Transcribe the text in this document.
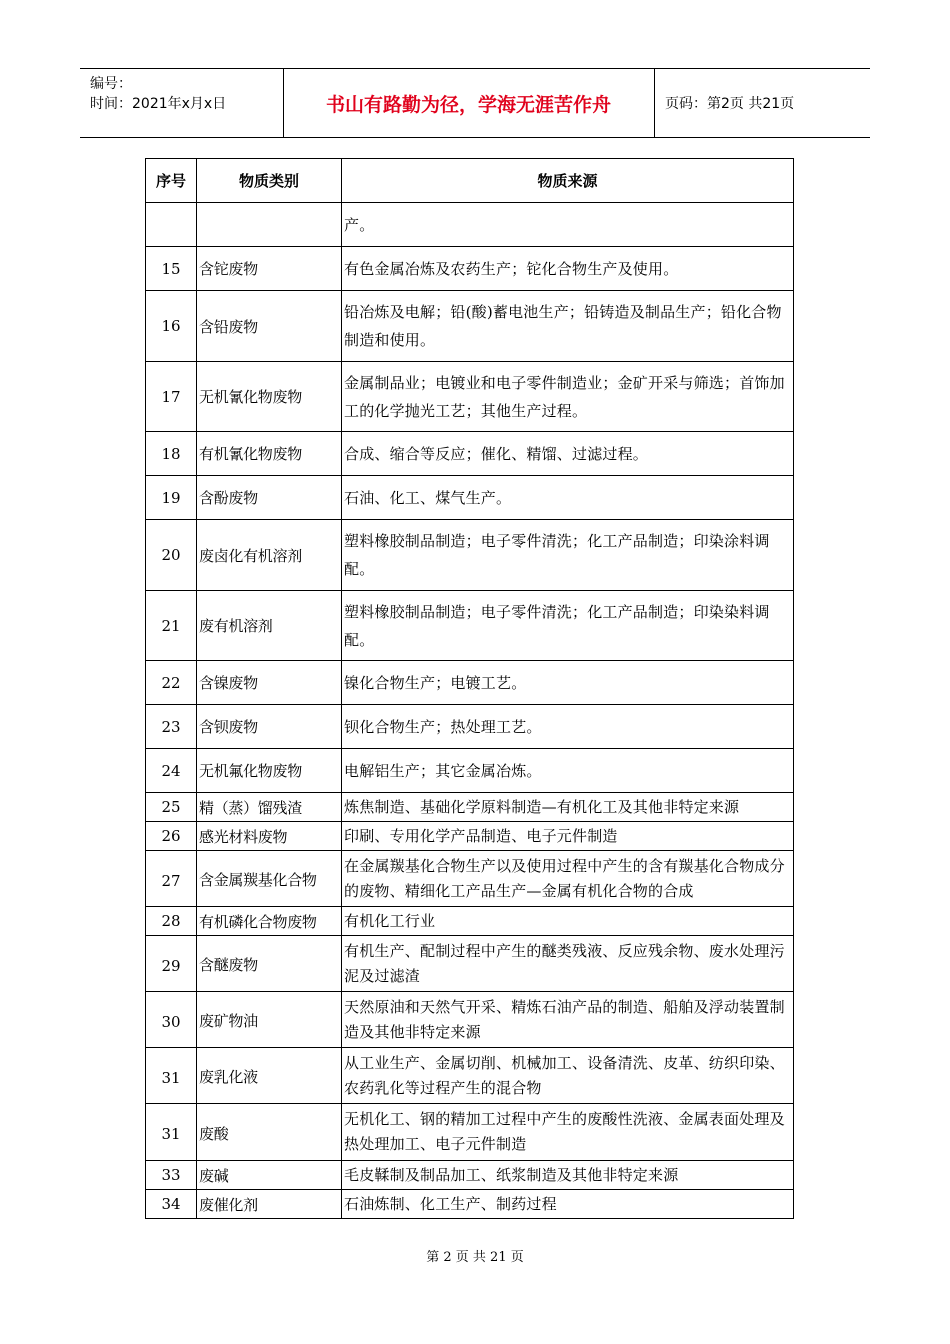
编号：
时间：2021年x月x日	书山有路勤为径，学海无涯苦作舟	页码：第2页 共21页
序号	物质类别	物质来源
		产。
15	含铊废物	有色金属冶炼及农药生产；铊化合物生产及使用。
16	含铅废物	铅冶炼及电解；铅(酸)蓄电池生产；铅铸造及制品生产；铅化合物制造和使用。
17	无机氰化物废物	金属制品业；电镀业和电子零件制造业；金矿开采与筛选；首饰加工的化学抛光工艺；其他生产过程。
18	有机氰化物废物	合成、缩合等反应；催化、精馏、过滤过程。
19	含酚废物	石油、化工、煤气生产。
20	废卤化有机溶剂	塑料橡胶制品制造；电子零件清洗；化工产品制造；印染涂料调配。
21	废有机溶剂	塑料橡胶制品制造；电子零件清洗；化工产品制造；印染染料调配。
22	含镍废物	镍化合物生产；电镀工艺。
23	含钡废物	钡化合物生产；热处理工艺。
24	无机氟化物废物	电解铝生产；其它金属冶炼。
25	精（蒸）馏残渣	炼焦制造、基础化学原料制造—有机化工及其他非特定来源
26	感光材料废物	印刷、专用化学产品制造、电子元件制造
27	含金属羰基化合物	在金属羰基化合物生产以及使用过程中产生的含有羰基化合物成分的废物、精细化工产品生产—金属有机化合物的合成
28	有机磷化合物废物	有机化工行业
29	含醚废物	有机生产、配制过程中产生的醚类残液、反应残余物、废水处理污泥及过滤渣
30	废矿物油	天然原油和天然气开采、精炼石油产品的制造、船舶及浮动装置制造及其他非特定来源
31	废乳化液	从工业生产、金属切削、机械加工、设备清洗、皮革、纺织印染、农药乳化等过程产生的混合物
31	废酸	无机化工、钢的精加工过程中产生的废酸性洗液、金属表面处理及热处理加工、电子元件制造
33	废碱	毛皮鞣制及制品加工、纸浆制造及其他非特定来源
34	废催化剂	石油炼制、化工生产、制药过程
第 2 页 共 21 页
